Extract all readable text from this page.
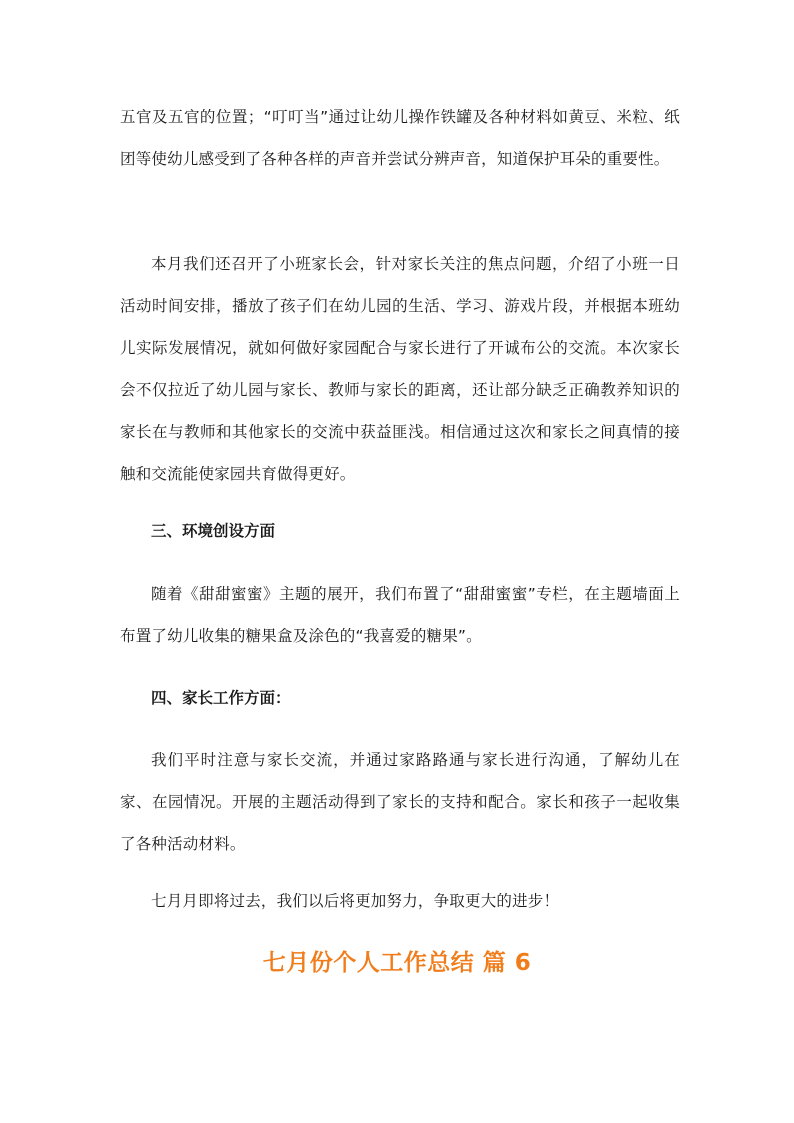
五官及五官的位置；“叮叮当”通过让幼儿操作铁罐及各种材料如黄豆、米粒、纸团等使幼儿感受到了各种各样的声音并尝试分辨声音，知道保护耳朵的重要性。

本月我们还召开了小班家长会，针对家长关注的焦点问题，介绍了小班一日活动时间安排，播放了孩子们在幼儿园的生活、学习、游戏片段，并根据本班幼儿实际发展情况，就如何做好家园配合与家长进行了开诚布公的交流。本次家长会不仅拉近了幼儿园与家长、教师与家长的距离，还让部分缺乏正确教养知识的家长在与教师和其他家长的交流中获益匪浅。相信通过这次和家长之间真情的接触和交流能使家园共育做得更好。

三、环境创设方面

随着《甜甜蜜蜜》主题的展开，我们布置了“甜甜蜜蜜”专栏，在主题墙面上布置了幼儿收集的糖果盒及涂色的“我喜爱的糖果”。

四、家长工作方面：

我们平时注意与家长交流，并通过家路路通与家长进行沟通，了解幼儿在家、在园情况。开展的主题活动得到了家长的支持和配合。家长和孩子一起收集了各种活动材料。

七月月即将过去，我们以后将更加努力，争取更大的进步！

七月份个人工作总结 篇 6
